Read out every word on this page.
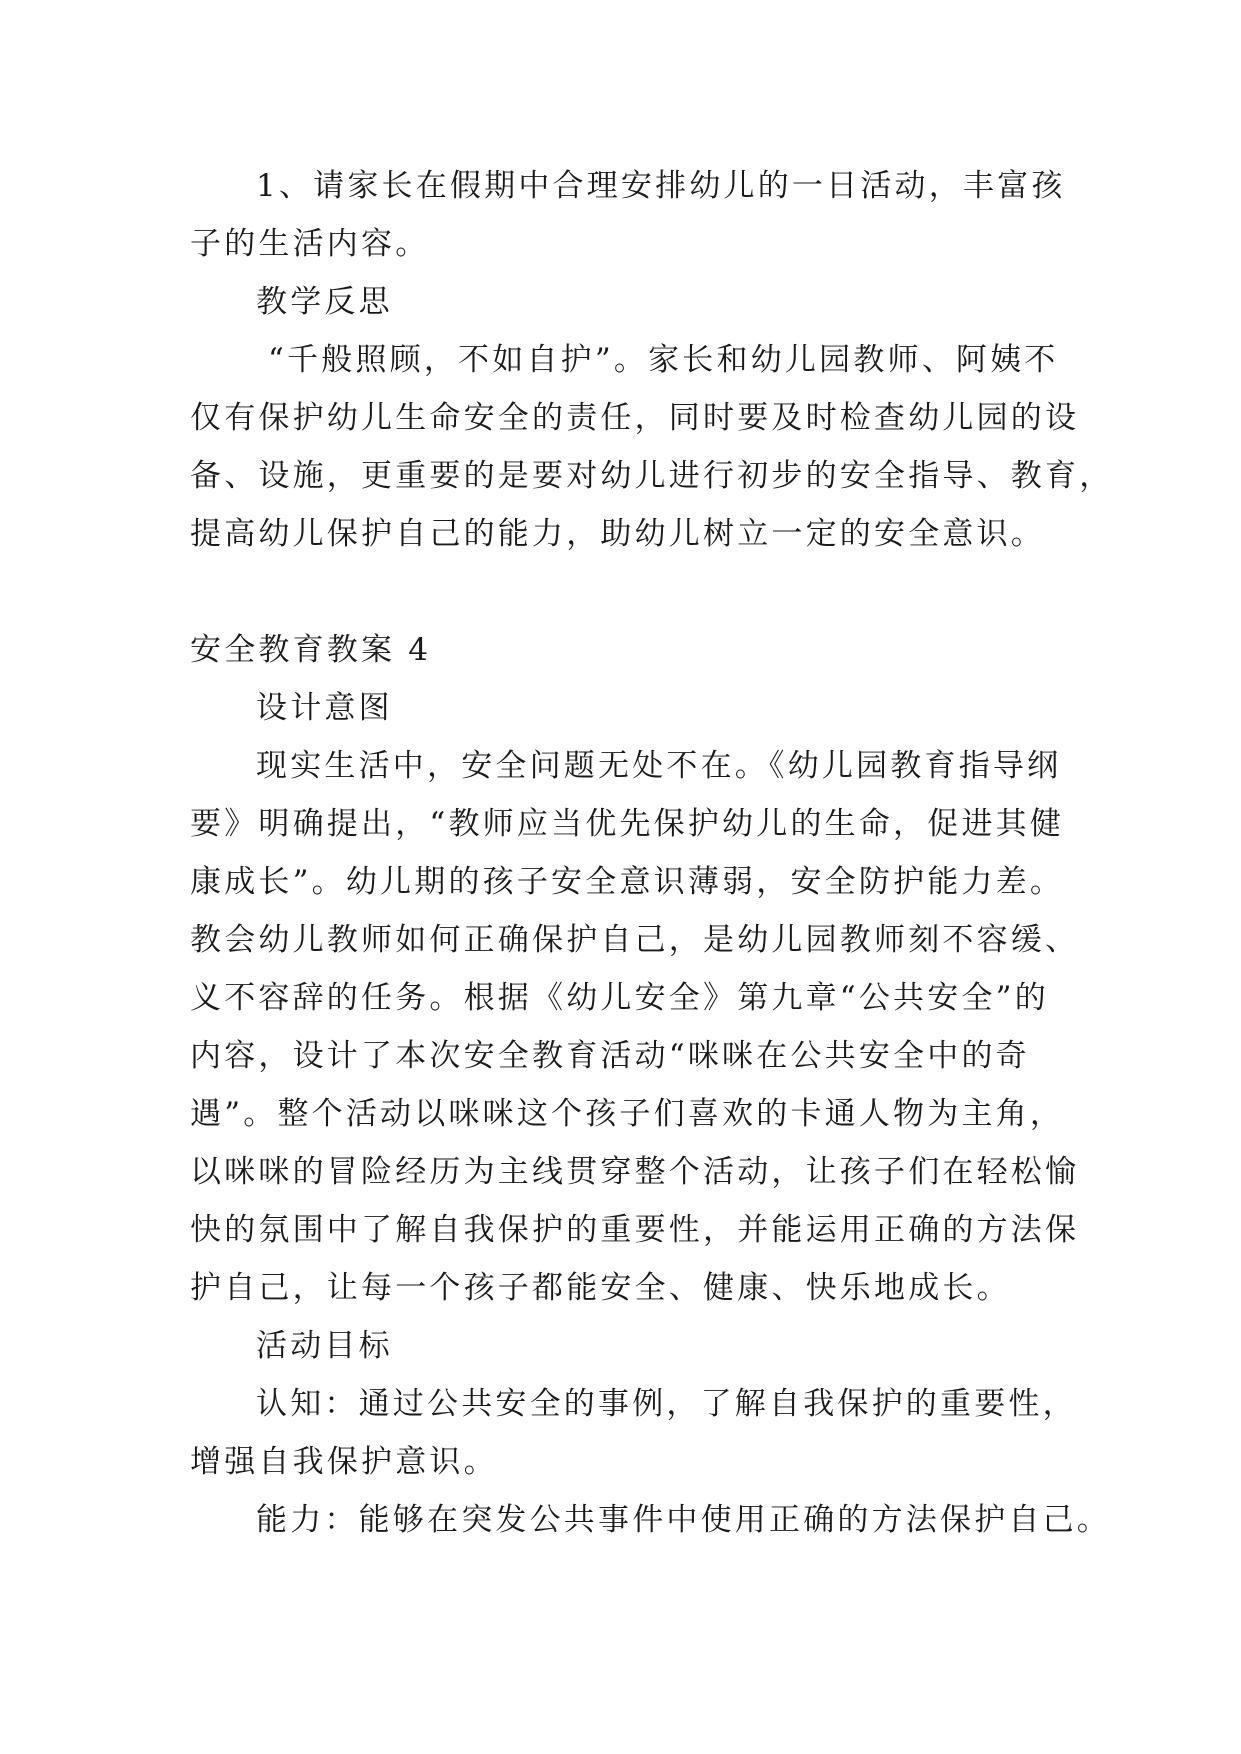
1、请家长在假期中合理安排幼儿的一日活动，丰富孩
子的生活内容。
教学反思
“千般照顾，不如自护”。家长和幼儿园教师、阿姨不
仅有保护幼儿生命安全的责任，同时要及时检查幼儿园的设
备、设施，更重要的是要对幼儿进行初步的安全指导、教育，
提高幼儿保护自己的能力，助幼儿树立一定的安全意识。
安全教育教案 4
设计意图
现实生活中，安全问题无处不在。《幼儿园教育指导纲
要》明确提出，“教师应当优先保护幼儿的生命，促进其健
康成长”。幼儿期的孩子安全意识薄弱，安全防护能力差。
教会幼儿教师如何正确保护自己，是幼儿园教师刻不容缓、
义不容辞的任务。根据《幼儿安全》第九章“公共安全”的
内容，设计了本次安全教育活动“咪咪在公共安全中的奇
遇”。整个活动以咪咪这个孩子们喜欢的卡通人物为主角，
以咪咪的冒险经历为主线贯穿整个活动，让孩子们在轻松愉
快的氛围中了解自我保护的重要性，并能运用正确的方法保
护自己，让每一个孩子都能安全、健康、快乐地成长。
活动目标
认知：通过公共安全的事例，了解自我保护的重要性，
增强自我保护意识。
能力：能够在突发公共事件中使用正确的方法保护自己。
